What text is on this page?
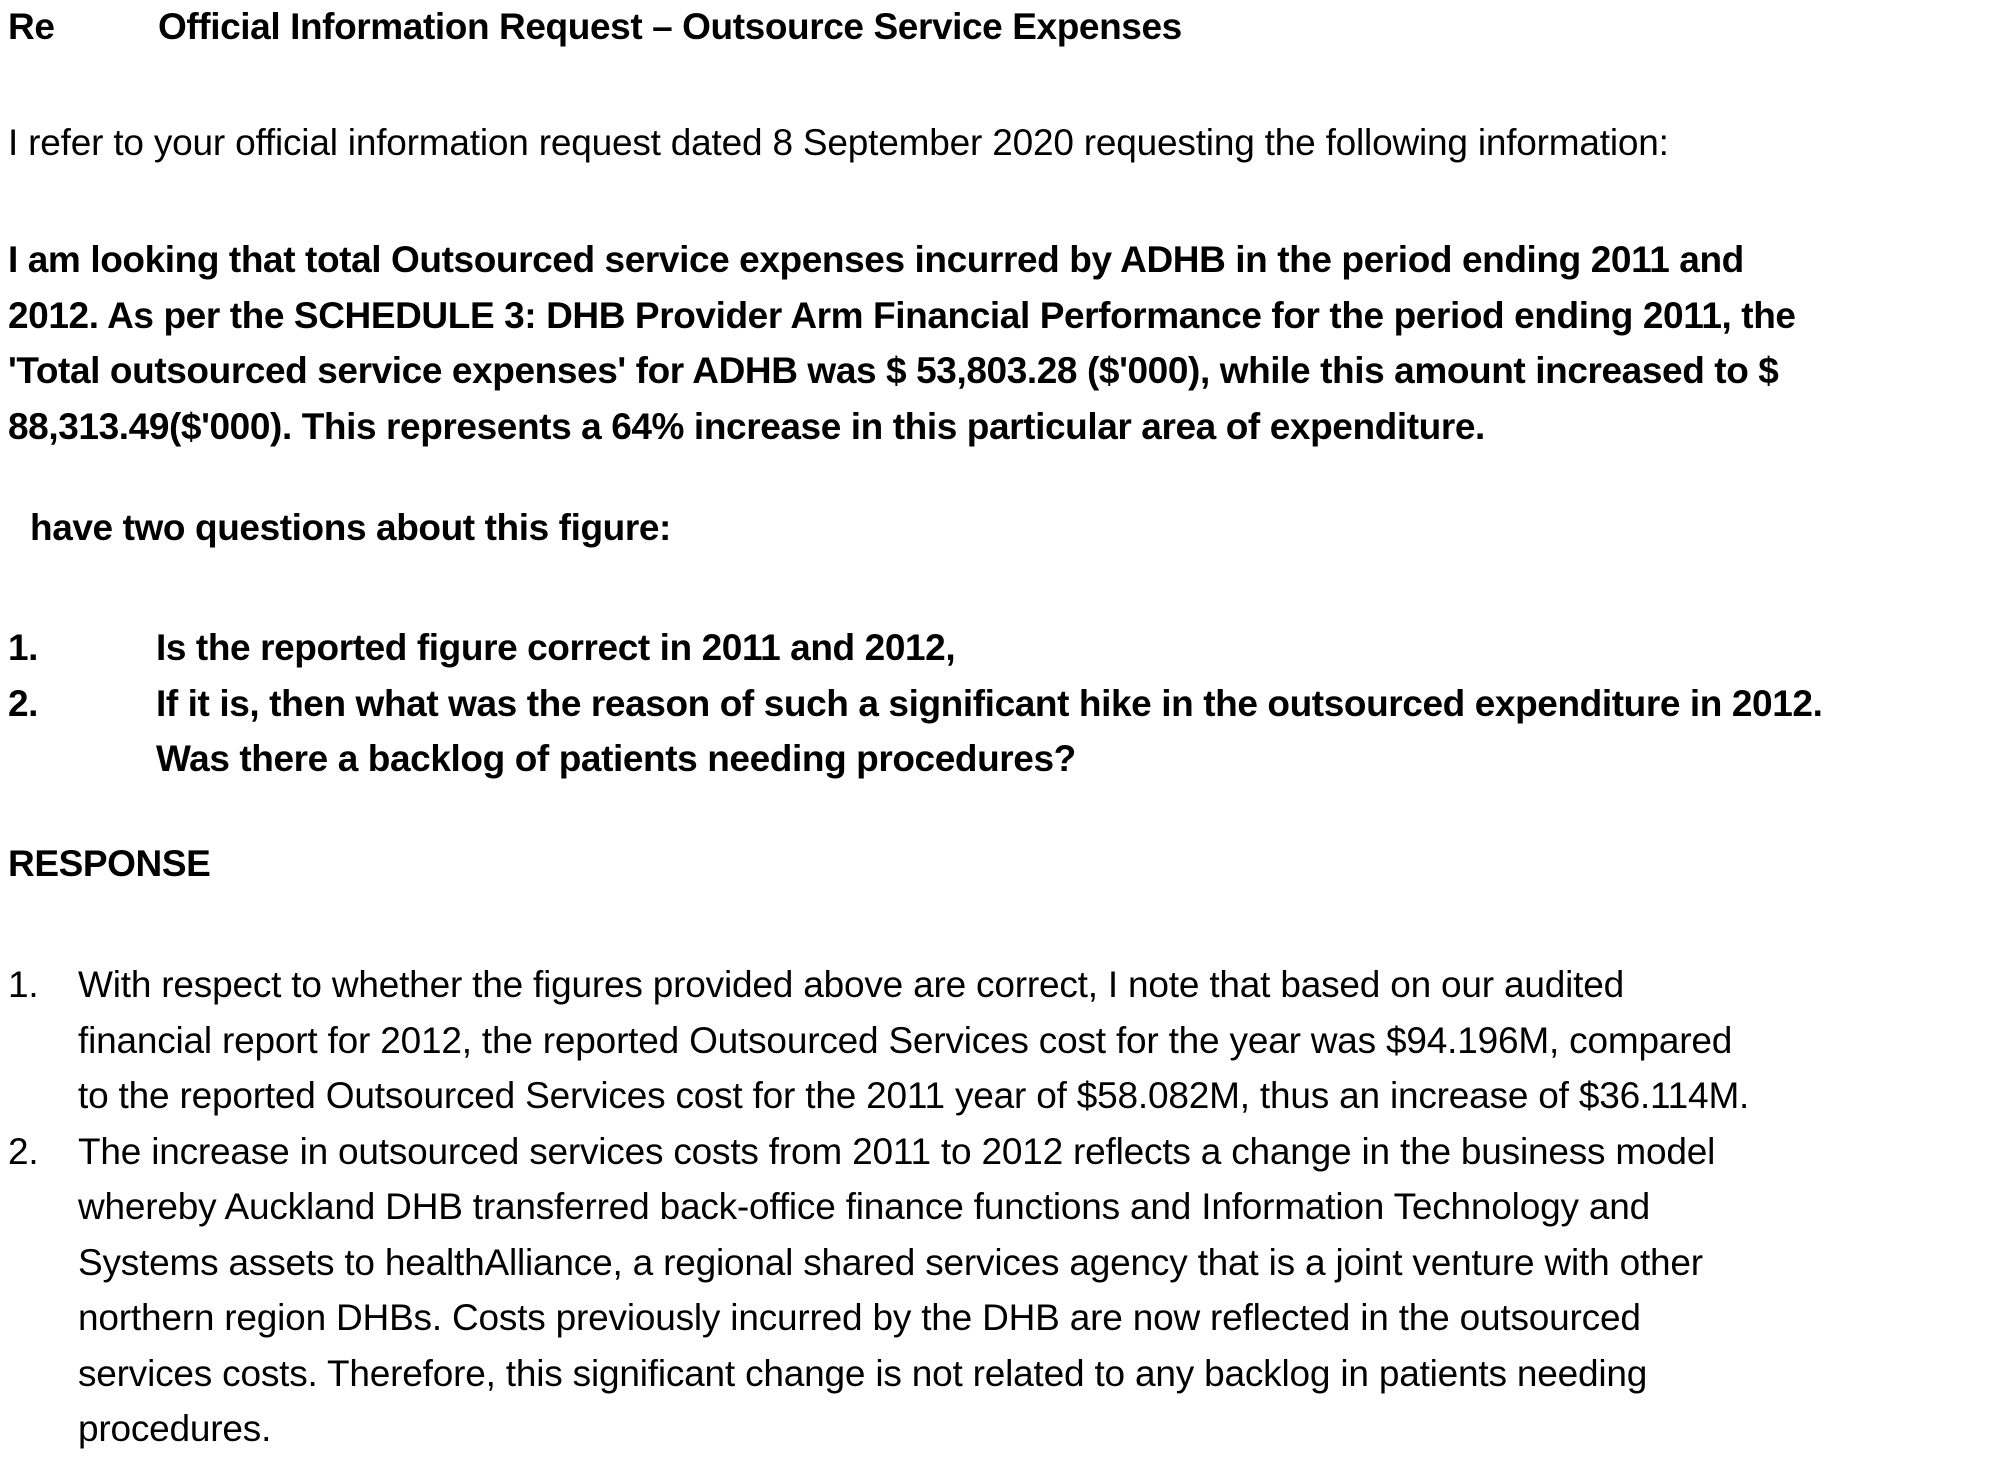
Re	Official Information Request – Outsource Service Expenses
I refer to your official information request dated 8 September 2020 requesting the following information:

I am looking that total Outsourced service expenses incurred by ADHB in the period ending 2011 and

2012. As per the SCHEDULE 3: DHB Provider Arm Financial Performance for the period ending 2011, the

'Total outsourced service expenses' for ADHB was $ 53,803.28 ($'000), while this amount increased to $

88,313.49($'000). This represents a 64% increase in this particular area of expenditure.

have two questions about this figure:
1.	Is the reported figure correct in 2011 and 2012,

2.	If it is, then what was the reason of such a significant hike in the outsourced expenditure in 2012.

Was there a backlog of patients needing procedures?

RESPONSE
1. With respect to whether the figures provided above are correct, I note that based on our audited

financial report for 2012, the reported Outsourced Services cost for the year was $94.196M, compared

to the reported Outsourced Services cost for the 2011 year of $58.082M, thus an increase of $36.114M.

2. The increase in outsourced services costs from 2011 to 2012 reflects a change in the business model

whereby Auckland DHB transferred back-office finance functions and Information Technology and

Systems assets to healthAlliance, a regional shared services agency that is a joint venture with other

northern region DHBs. Costs previously incurred by the DHB are now reflected in the outsourced

services costs. Therefore, this significant change is not related to any backlog in patients needing

procedures.
